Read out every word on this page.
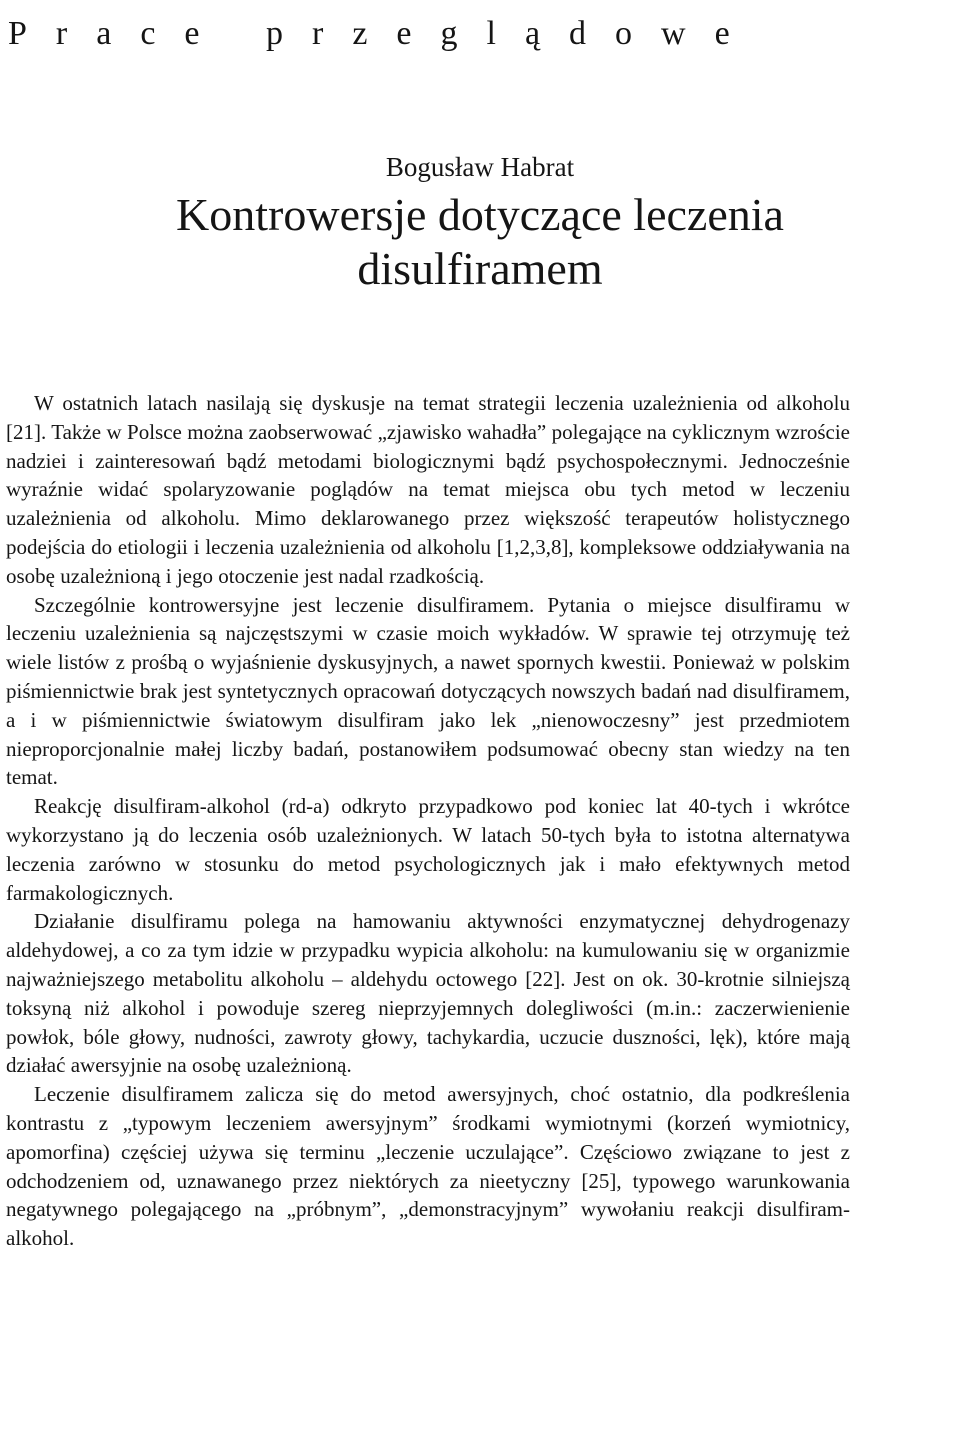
Prace przeglądowe

Bogusław Habrat

Kontrowersje dotyczące leczenia
disulfiramem

W ostatnich latach nasilają się dyskusje na temat strategii leczenia uzależnienia od alkoholu [21]. Także w Polsce można zaobserwować „zjawisko wahadła” polegające na cyklicznym wzroście nadziei i zainteresowań bądź metodami biologicznymi bądź psychospołecznymi. Jednocześnie wyraźnie widać spolaryzowanie poglądów na temat miejsca obu tych metod w leczeniu uzależnienia od alkoholu. Mimo deklarowanego przez większość terapeutów holistycznego podejścia do etiologii i leczenia uzależnienia od alkoholu [1,2,3,8], kompleksowe oddziaływania na osobę uzależnioną i jego otoczenie jest nadal rzadkością.

Szczególnie kontrowersyjne jest leczenie disulfiramem. Pytania o miejsce disulfiramu w leczeniu uzależnienia są najczęstszymi w czasie moich wykładów. W sprawie tej otrzymuję też wiele listów z prośbą o wyjaśnienie dyskusyjnych, a nawet spornych kwestii. Ponieważ w polskim piśmiennictwie brak jest syntetycznych opracowań dotyczących nowszych badań nad disulfiramem, a i w piśmiennictwie światowym disulfiram jako lek „nienowoczesny” jest przedmiotem nieproporcjonalnie małej liczby badań, postanowiłem podsumować obecny stan wiedzy na ten temat.

Reakcję disulfiram-alkohol (rd-a) odkryto przypadkowo pod koniec lat 40-tych i wkrótce wykorzystano ją do leczenia osób uzależnionych. W latach 50-tych była to istotna alternatywa leczenia zarówno w stosunku do metod psychologicznych jak i mało efektywnych metod farmakologicznych.

Działanie disulfiramu polega na hamowaniu aktywności enzymatycznej dehydrogenazy aldehydowej, a co za tym idzie w przypadku wypicia alkoholu: na kumulowaniu się w organizmie najważniejszego metabolitu alkoholu – aldehydu octowego [22]. Jest on ok. 30-krotnie silniejszą toksyną niż alkohol i powoduje szereg nieprzyjemnych dolegliwości (m.in.: zaczerwienienie powłok, bóle głowy, nudności, zawroty głowy, tachykardia, uczucie duszności, lęk), które mają działać awersyjnie na osobę uzależnioną.

Leczenie disulfiramem zalicza się do metod awersyjnych, choć ostatnio, dla podkreślenia kontrastu z „typowym leczeniem awersyjnym” środkami wymiotnymi (korzeń wymiotnicy, apomorfina) częściej używa się terminu „leczenie uczulające”. Częściowo związane to jest z odchodzeniem od, uznawanego przez niektórych za nieetyczny [25], typowego warunkowania negatywnego polegającego na „próbnym”, „demonstracyjnym” wywołaniu reakcji disulfiram-alkohol.
